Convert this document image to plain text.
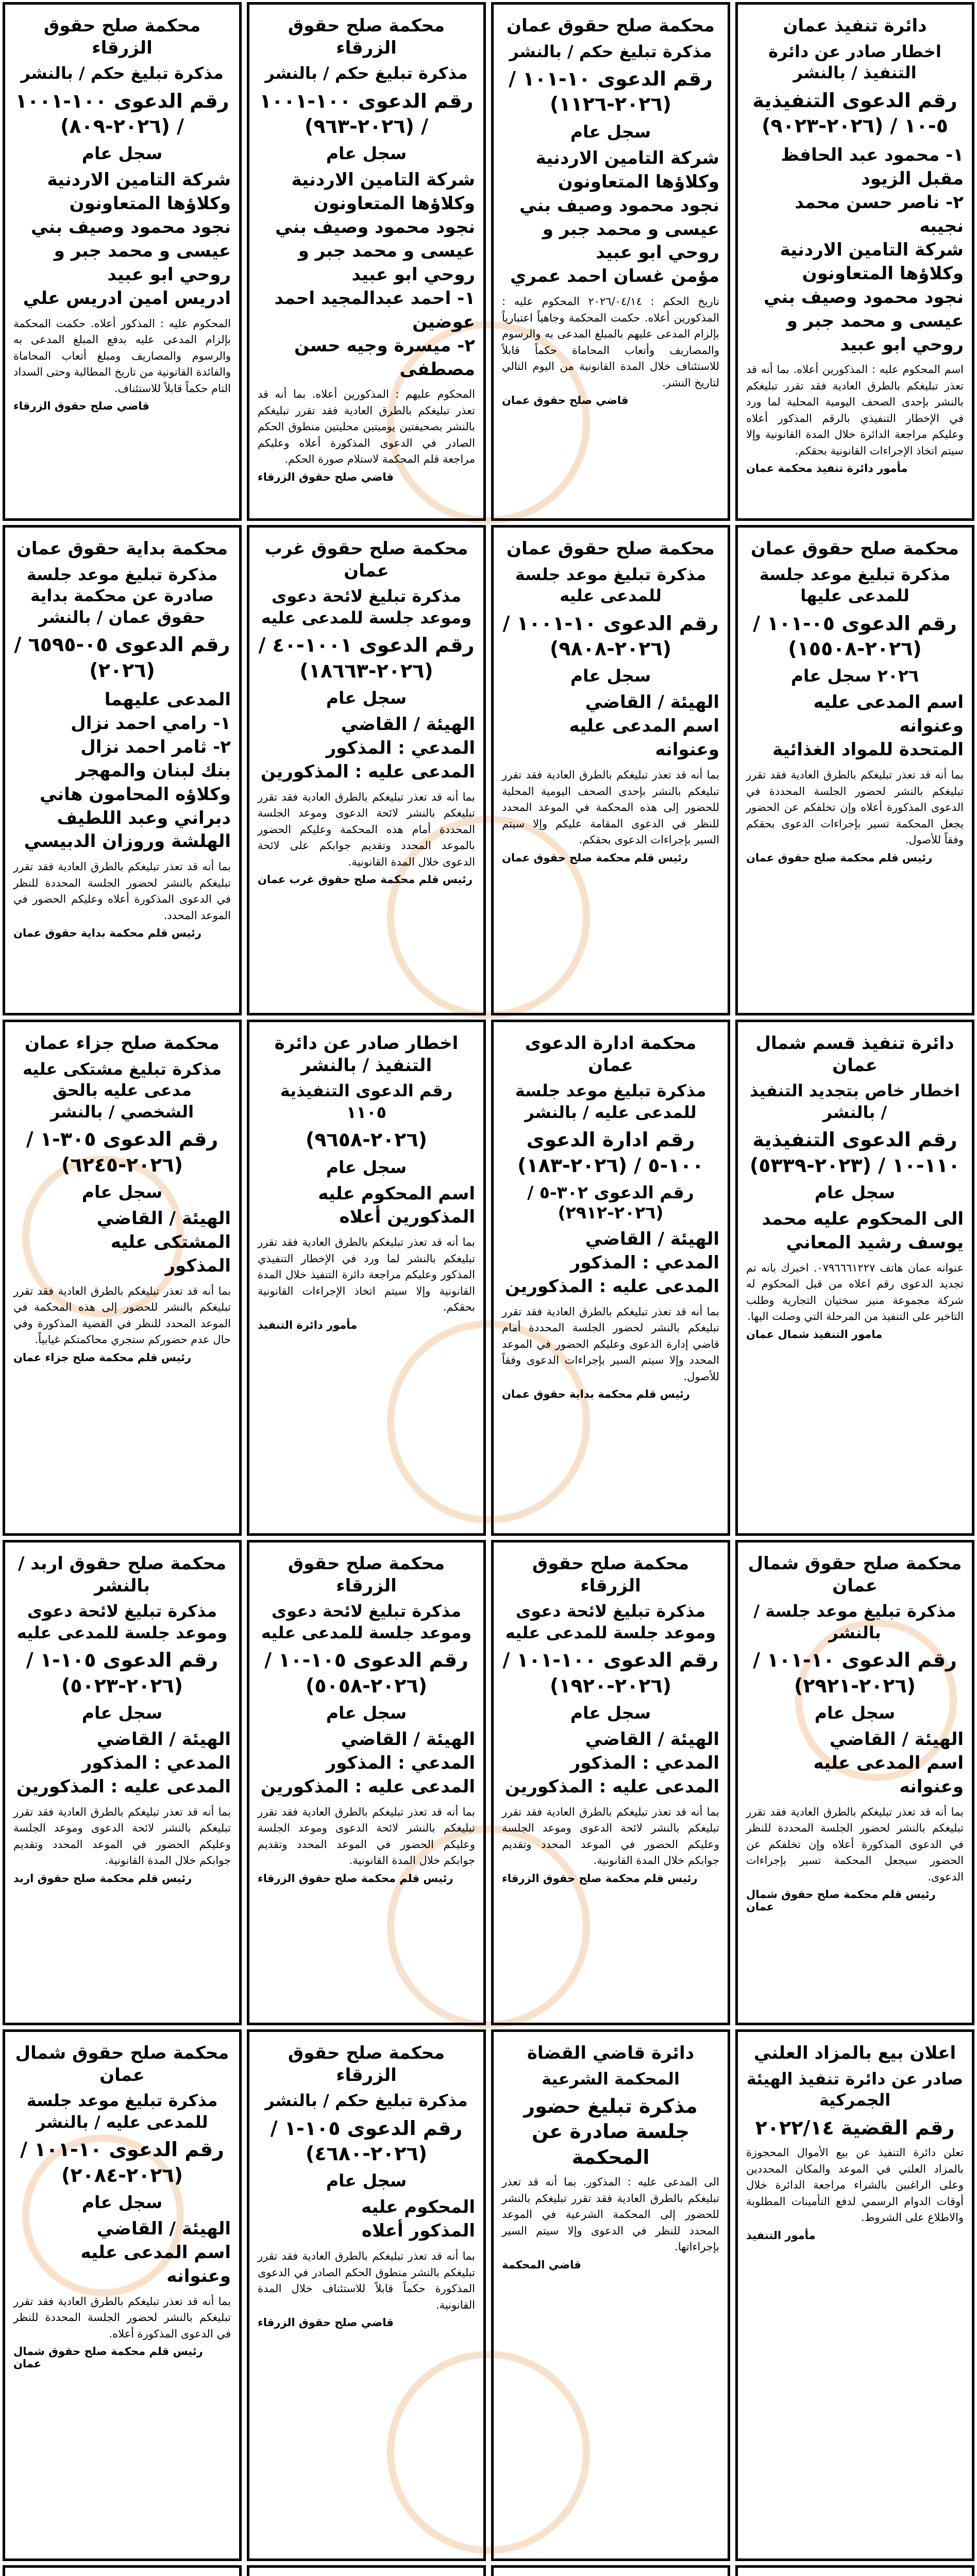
دائرة تنفيذ عمان
اخطار صادر عن دائرة التنفيذ / بالنشر
رقم الدعوى التنفيذية ٥-١٠ / (٢٠٢٦-٩٠٢٣)
١- محمود عبد الحافظ مقبل الزيود
٢- ناصر حسن محمد نجيبه
شركة التامين الاردنية وكلاؤها المتعاونون
نجود محمود وصيف بني عيسى و محمد جبر و روحي ابو عبيد
اسم المحكوم عليه : المذكورين أعلاه. بما أنه قد تعذر تبليغكم بالطرق العادية فقد تقرر تبليغكم بالنشر بإحدى الصحف اليومية المحلية لما ورد في الإخطار التنفيذي بالرقم المذكور أعلاه وعليكم مراجعة الدائرة خلال المدة القانونية وإلا سيتم اتخاذ الإجراءات القانونية بحقكم.
مأمور دائرة تنفيذ محكمة عمان
محكمة صلح حقوق عمان
مذكرة تبليغ حكم / بالنشر
رقم الدعوى ١٠-١٠١ / (٢٠٢٦-١١٢٦)
سجل عام
شركة التامين الاردنية وكلاؤها المتعاونون
نجود محمود وصيف بني عيسى و محمد جبر و روحي ابو عبيد
مؤمن غسان احمد عمري
تاريخ الحكم : ٢٠٢٦/٠٤/١٤ المحكوم عليه : المذكورين أعلاه. حكمت المحكمة وجاهياً اعتبارياً بإلزام المدعى عليهم بالمبلغ المدعى به والرسوم والمصاريف وأتعاب المحاماة حكماً قابلاً للاستئناف خلال المدة القانونية من اليوم التالي لتاريخ النشر.
قاضي صلح حقوق عمان
محكمة صلح حقوق الزرقاء
مذكرة تبليغ حكم / بالنشر
رقم الدعوى ١٠٠-١٠٠١ / (٢٠٢٦-٩٦٣)
سجل عام
شركة التامين الاردنية وكلاؤها المتعاونون
نجود محمود وصيف بني عيسى و محمد جبر و روحي ابو عبيد
١- احمد عبدالمجيد احمد عوضين
٢- ميسرة وجيه حسن مصطفى
المحكوم عليهم : المذكورين أعلاه. بما أنه قد تعذر تبليغكم بالطرق العادية فقد تقرر تبليغكم بالنشر بصحيفتين يوميتين محليتين منطوق الحكم الصادر في الدعوى المذكورة أعلاه وعليكم مراجعة قلم المحكمة لاستلام صورة الحكم.
قاضي صلح حقوق الزرقاء
محكمة صلح حقوق الزرقاء
مذكرة تبليغ حكم / بالنشر
رقم الدعوى ١٠٠-١٠٠١ / (٢٠٢٦-٨٠٩)
سجل عام
شركة التامين الاردنية وكلاؤها المتعاونون
نجود محمود وصيف بني عيسى و محمد جبر و روحي ابو عبيد
ادريس امين ادريس علي
المحكوم عليه : المذكور أعلاه. حكمت المحكمة بإلزام المدعى عليه بدفع المبلغ المدعى به والرسوم والمصاريف ومبلغ أتعاب المحاماة والفائدة القانونية من تاريخ المطالبة وحتى السداد التام حكماً قابلاً للاستئناف.
قاضي صلح حقوق الزرقاء
محكمة صلح حقوق عمان
مذكرة تبليغ موعد جلسة للمدعى عليها
رقم الدعوى ٠٥-١٠١ / (٢٠٢٦-١٥٥٠٨)
٢٠٢٦ سجل عام
اسم المدعى عليه وعنوانه
المتحدة للمواد الغذائية
بما أنه قد تعذر تبليغكم بالطرق العادية فقد تقرر تبليغكم بالنشر لحضور الجلسة المحددة في الدعوى المذكورة أعلاه وإن تخلفكم عن الحضور يجعل المحكمة تسير بإجراءات الدعوى بحقكم وفقاً للأصول.
رئيس قلم محكمة صلح حقوق عمان
محكمة صلح حقوق عمان
مذكرة تبليغ موعد جلسة للمدعى عليه
رقم الدعوى ١٠-١٠٠١ / (٢٠٢٦-٩٨٠٨)
سجل عام
الهيئة / القاضي
اسم المدعى عليه وعنوانه
بما أنه قد تعذر تبليغكم بالطرق العادية فقد تقرر تبليغكم بالنشر بإحدى الصحف اليومية المحلية للحضور إلى هذه المحكمة في الموعد المحدد للنظر في الدعوى المقامة عليكم وإلا سيتم السير بإجراءات الدعوى بحقكم.
رئيس قلم محكمة صلح حقوق عمان
محكمة صلح حقوق غرب عمان
مذكرة تبليغ لائحة دعوى وموعد جلسة للمدعى عليه
رقم الدعوى ١٠٠١-٤٠ / (٢٠٢٦-١٨٦٦٣)
سجل عام
الهيئة / القاضي
المدعي : المذكور
المدعى عليه : المذكورين
بما أنه قد تعذر تبليغكم بالطرق العادية فقد تقرر تبليغكم بالنشر لائحة الدعوى وموعد الجلسة المحددة أمام هذه المحكمة وعليكم الحضور بالموعد المحدد وتقديم جوابكم على لائحة الدعوى خلال المدة القانونية.
رئيس قلم محكمة صلح حقوق غرب عمان
محكمة بداية حقوق عمان
مذكرة تبليغ موعد جلسة صادرة عن محكمة بداية حقوق عمان / بالنشر
رقم الدعوى ٠٥-٦٥٩٥ / (٢٠٢٦)
المدعى عليهما
١- رامي احمد نزال
٢- ثامر احمد نزال
بنك لبنان والمهجر
وكلاؤه المحامون هاني دبراني وعبد اللطيف الهلشة وروزان الدبيسي
بما أنه قد تعذر تبليغكم بالطرق العادية فقد تقرر تبليغكم بالنشر لحضور الجلسة المحددة للنظر في الدعوى المذكورة أعلاه وعليكم الحضور في الموعد المحدد.
رئيس قلم محكمة بداية حقوق عمان
دائرة تنفيذ قسم شمال عمان
اخطار خاص بتجديد التنفيذ / بالنشر
رقم الدعوى التنفيذية ١١٠-١٠ / (٢٠٢٣-٥٣٣٩)
سجل عام
الى المحكوم عليه محمد يوسف رشيد المعاني
عنوانه عمان هاتف ٠٧٩٦٦٦١٢٢٧. اخبرك بانه تم تجديد الدعوى رقم اعلاه من قبل المحكوم له شركة مجموعة منير سختيان التجارية وطلب التاخير على التنفيذ من المرحلة التي وصلت اليها.
مامور التنفيذ شمال عمان
محكمة ادارة الدعوى عمان
مذكرة تبليغ موعد جلسة للمدعى عليه / بالنشر
رقم ادارة الدعوى ١٠٠-٥ / (٢٠٢٦-١٨٣)
رقم الدعوى ٣٠٢-٥ / (٢٠٢٦-٢٩١٢)
الهيئة / القاضي
المدعي : المذكور
المدعى عليه : المذكورين
بما أنه قد تعذر تبليغكم بالطرق العادية فقد تقرر تبليغكم بالنشر لحضور الجلسة المحددة أمام قاضي إدارة الدعوى وعليكم الحضور في الموعد المحدد وإلا سيتم السير بإجراءات الدعوى وفقاً للأصول.
رئيس قلم محكمة بداية حقوق عمان
اخطار صادر عن دائرة التنفيذ / بالنشر
رقم الدعوى التنفيذية ١١٠٥
(٢٠٢٦-٩٦٥٨)
سجل عام
اسم المحكوم عليه
المذكورين أعلاه
بما أنه قد تعذر تبليغكم بالطرق العادية فقد تقرر تبليغكم بالنشر لما ورد في الإخطار التنفيذي المذكور وعليكم مراجعة دائرة التنفيذ خلال المدة القانونية وإلا سيتم اتخاذ الإجراءات القانونية بحقكم.
مأمور دائرة التنفيذ
محكمة صلح جزاء عمان
مذكرة تبليغ مشتكى عليه مدعى عليه بالحق الشخصي / بالنشر
رقم الدعوى ٣٠٥-١ / (٢٠٢٦-٦٢٤٥)
سجل عام
الهيئة / القاضي
المشتكى عليه
المذكور
بما أنه قد تعذر تبليغكم بالطرق العادية فقد تقرر تبليغكم بالنشر للحضور إلى هذه المحكمة في الموعد المحدد للنظر في القضية المذكورة وفي حال عدم حضوركم ستجري محاكمتكم غيابياً.
رئيس قلم محكمة صلح جزاء عمان
محكمة صلح حقوق شمال عمان
مذكرة تبليغ موعد جلسة / بالنشر
رقم الدعوى ١٠-١٠١ / (٢٠٢٦-٢٩٢١)
سجل عام
الهيئة / القاضي
اسم المدعى عليه وعنوانه
بما أنه قد تعذر تبليغكم بالطرق العادية فقد تقرر تبليغكم بالنشر لحضور الجلسة المحددة للنظر في الدعوى المذكورة أعلاه وإن تخلفكم عن الحضور سيجعل المحكمة تسير بإجراءات الدعوى.
رئيس قلم محكمة صلح حقوق شمال عمان
محكمة صلح حقوق الزرقاء
مذكرة تبليغ لائحة دعوى وموعد جلسة للمدعى عليه
رقم الدعوى ١٠٠-١٠١ / (٢٠٢٦-١٩٢٠)
سجل عام
الهيئة / القاضي
المدعي : المذكور
المدعى عليه : المذكورين
بما أنه قد تعذر تبليغكم بالطرق العادية فقد تقرر تبليغكم بالنشر لائحة الدعوى وموعد الجلسة وعليكم الحضور في الموعد المحدد وتقديم جوابكم خلال المدة القانونية.
رئيس قلم محكمة صلح حقوق الزرقاء
محكمة صلح حقوق الزرقاء
مذكرة تبليغ لائحة دعوى وموعد جلسة للمدعى عليه
رقم الدعوى ١٠٥-١٠ / (٢٠٢٦-٥٠٥٨)
سجل عام
الهيئة / القاضي
المدعي : المذكور
المدعى عليه : المذكورين
بما أنه قد تعذر تبليغكم بالطرق العادية فقد تقرر تبليغكم بالنشر لائحة الدعوى وموعد الجلسة وعليكم الحضور في الموعد المحدد وتقديم جوابكم خلال المدة القانونية.
رئيس قلم محكمة صلح حقوق الزرقاء
محكمة صلح حقوق اربد / بالنشر
مذكرة تبليغ لائحة دعوى وموعد جلسة للمدعى عليه
رقم الدعوى ١٠٥-١ / (٢٠٢٦-٥٠٢٣)
سجل عام
الهيئة / القاضي
المدعي : المذكور
المدعى عليه : المذكورين
بما أنه قد تعذر تبليغكم بالطرق العادية فقد تقرر تبليغكم بالنشر لائحة الدعوى وموعد الجلسة وعليكم الحضور في الموعد المحدد وتقديم جوابكم خلال المدة القانونية.
رئيس قلم محكمة صلح حقوق اربد
اعلان بيع بالمزاد العلني
صادر عن دائرة تنفيذ الهيئة الجمركية
رقم القضية ٢٠٢٢/١٤
تعلن دائرة التنفيذ عن بيع الأموال المحجوزة بالمزاد العلني في الموعد والمكان المحددين وعلى الراغبين بالشراء مراجعة الدائرة خلال أوقات الدوام الرسمي لدفع التأمينات المطلوبة والاطلاع على الشروط.
مأمور التنفيذ
دائرة قاضي القضاة
المحكمة الشرعية
مذكرة تبليغ حضور جلسة صادرة عن المحكمة
الى المدعى عليه : المذكور. بما أنه قد تعذر تبليغكم بالطرق العادية فقد تقرر تبليغكم بالنشر للحضور إلى المحكمة الشرعية في الموعد المحدد للنظر في الدعوى وإلا سيتم السير بإجراءاتها.
قاضي المحكمة
محكمة صلح حقوق الزرقاء
مذكرة تبليغ حكم / بالنشر
رقم الدعوى ١٠٥-١ / (٢٠٢٦-٤٦٨٠)
سجل عام
المحكوم عليه
المذكور أعلاه
بما أنه قد تعذر تبليغكم بالطرق العادية فقد تقرر تبليغكم بالنشر منطوق الحكم الصادر في الدعوى المذكورة حكماً قابلاً للاستئناف خلال المدة القانونية.
قاضي صلح حقوق الزرقاء
محكمة صلح حقوق شمال عمان
مذكرة تبليغ موعد جلسة للمدعى عليه / بالنشر
رقم الدعوى ١٠-١٠١ / (٢٠٢٦-٢٠٨٤)
سجل عام
الهيئة / القاضي
اسم المدعى عليه وعنوانه
بما أنه قد تعذر تبليغكم بالطرق العادية فقد تقرر تبليغكم بالنشر لحضور الجلسة المحددة للنظر في الدعوى المذكورة أعلاه.
رئيس قلم محكمة صلح حقوق شمال عمان
